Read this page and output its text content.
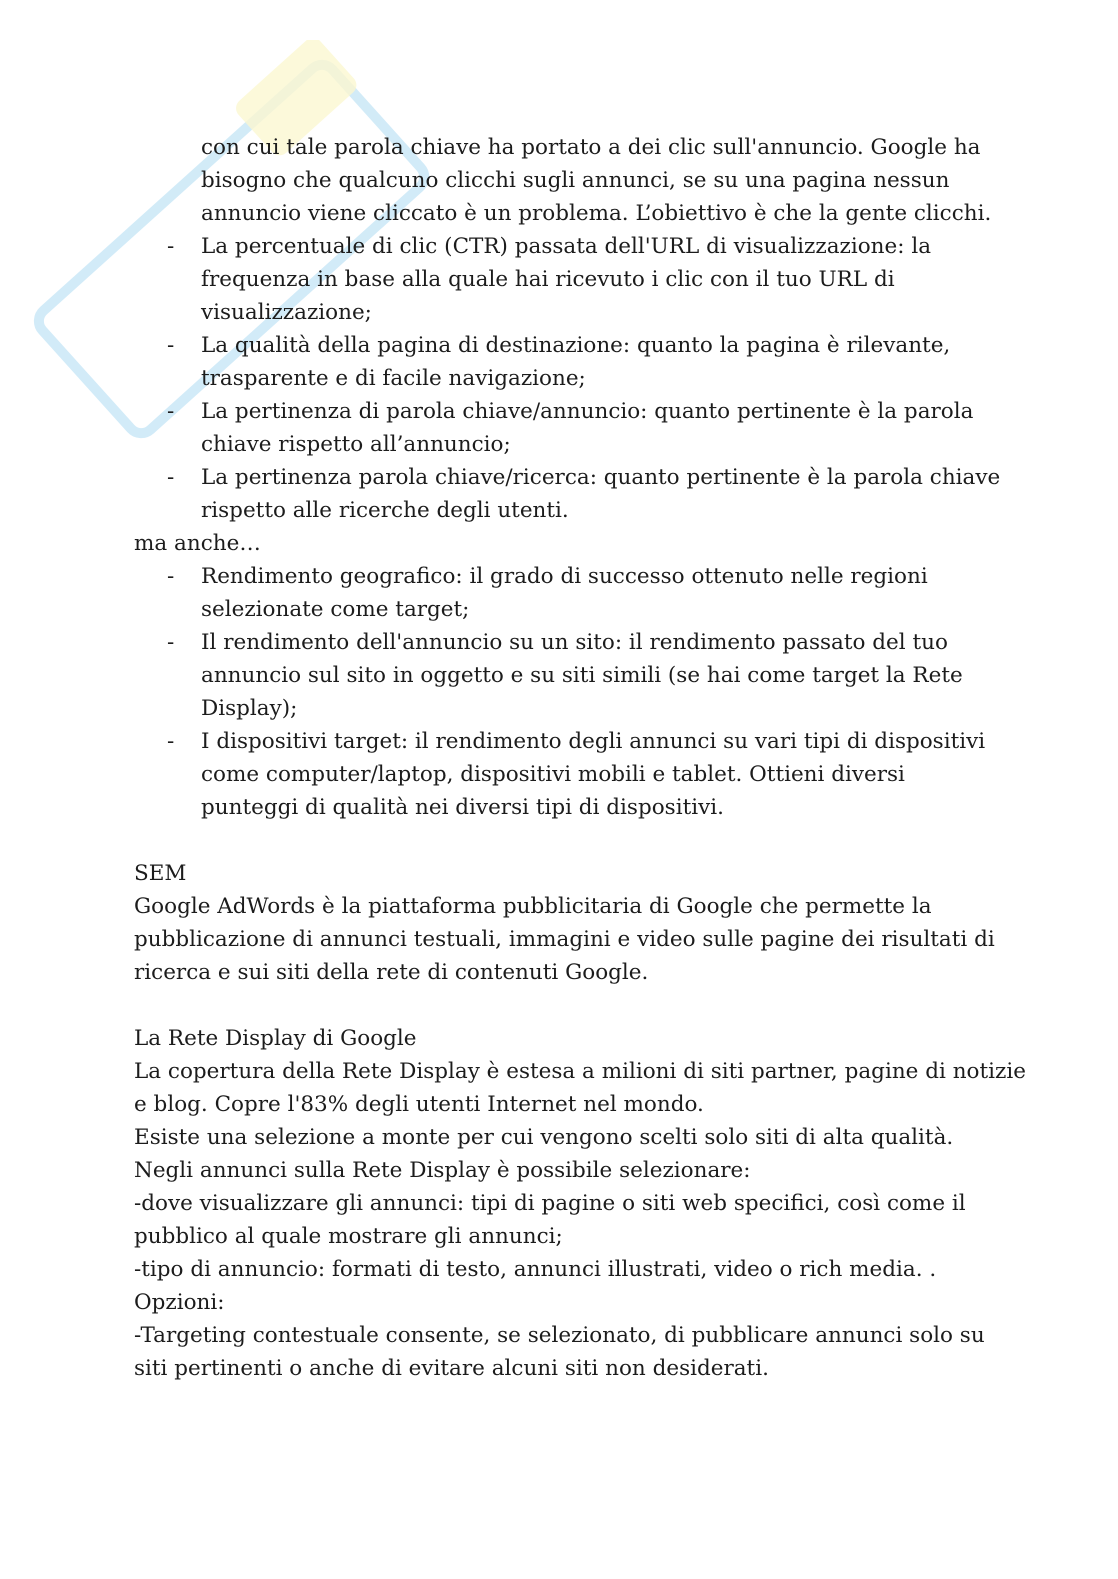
con cui tale parola chiave ha portato a dei clic sull'annuncio. Google ha
bisogno che qualcuno clicchi sugli annunci, se su una pagina nessun
annuncio viene cliccato è un problema. L’obiettivo è che la gente clicchi.
- La percentuale di clic (CTR) passata dell'URL di visualizzazione: la
frequenza in base alla quale hai ricevuto i clic con il tuo URL di
visualizzazione;
- La qualità della pagina di destinazione: quanto la pagina è rilevante,
trasparente e di facile navigazione;
- La pertinenza di parola chiave/annuncio: quanto pertinente è la parola
chiave rispetto all’annuncio;
- La pertinenza parola chiave/ricerca: quanto pertinente è la parola chiave
rispetto alle ricerche degli utenti.
ma anche…
- Rendimento geografico: il grado di successo ottenuto nelle regioni
selezionate come target;
- Il rendimento dell'annuncio su un sito: il rendimento passato del tuo
annuncio sul sito in oggetto e su siti simili (se hai come target la Rete
Display);
- I dispositivi target: il rendimento degli annunci su vari tipi di dispositivi
come computer/laptop, dispositivi mobili e tablet. Ottieni diversi
punteggi di qualità nei diversi tipi di dispositivi.
SEM
Google AdWords è la piattaforma pubblicitaria di Google che permette la
pubblicazione di annunci testuali, immagini e video sulle pagine dei risultati di
ricerca e sui siti della rete di contenuti Google.
La Rete Display di Google
La copertura della Rete Display è estesa a milioni di siti partner, pagine di notizie
e blog. Copre l'83% degli utenti Internet nel mondo.
Esiste una selezione a monte per cui vengono scelti solo siti di alta qualità.
Negli annunci sulla Rete Display è possibile selezionare:
-dove visualizzare gli annunci: tipi di pagine o siti web specifici, così come il
pubblico al quale mostrare gli annunci;
-tipo di annuncio: formati di testo, annunci illustrati, video o rich media. .
Opzioni:
-Targeting contestuale consente, se selezionato, di pubblicare annunci solo su
siti pertinenti o anche di evitare alcuni siti non desiderati.
